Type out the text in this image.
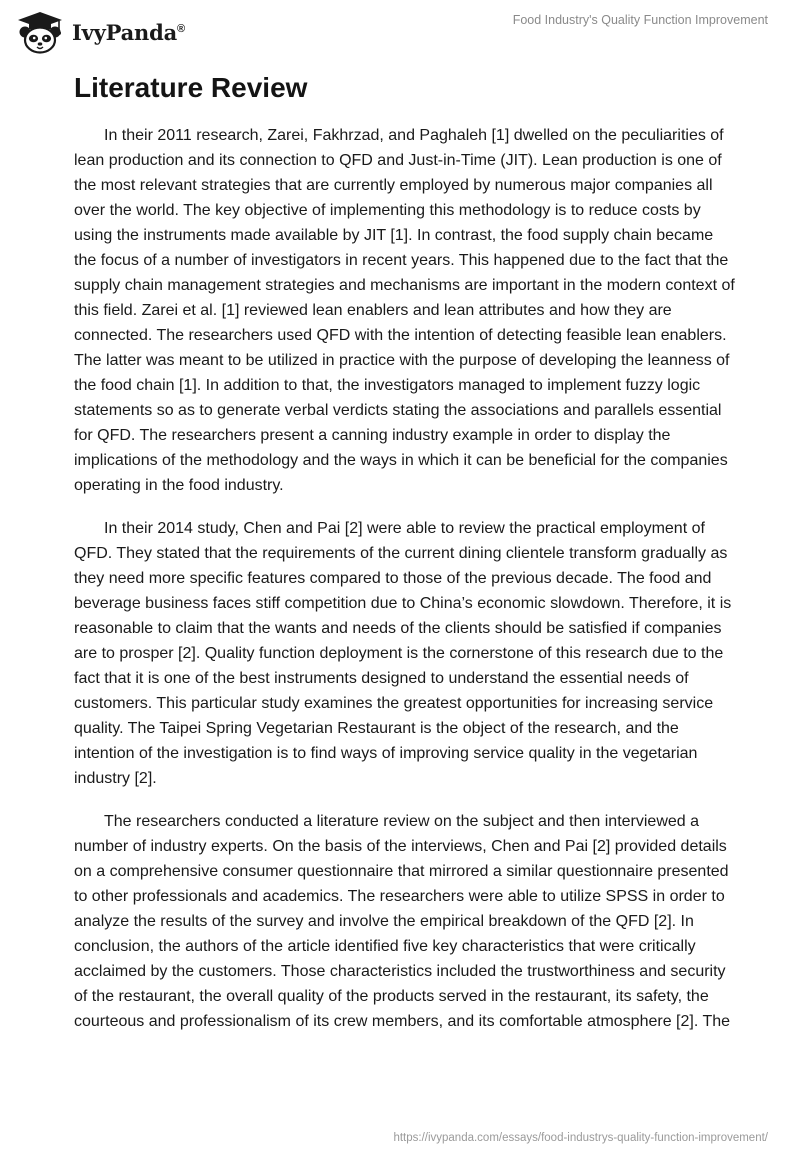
IvyPanda®
Food Industry's Quality Function Improvement
Literature Review

In their 2011 research, Zarei, Fakhrzad, and Paghaleh [1] dwelled on the peculiarities of lean production and its connection to QFD and Just-in-Time (JIT). Lean production is one of the most relevant strategies that are currently employed by numerous major companies all over the world. The key objective of implementing this methodology is to reduce costs by using the instruments made available by JIT [1]. In contrast, the food supply chain became the focus of a number of investigators in recent years. This happened due to the fact that the supply chain management strategies and mechanisms are important in the modern context of this field. Zarei et al. [1] reviewed lean enablers and lean attributes and how they are connected. The researchers used QFD with the intention of detecting feasible lean enablers. The latter was meant to be utilized in practice with the purpose of developing the leanness of the food chain [1]. In addition to that, the investigators managed to implement fuzzy logic statements so as to generate verbal verdicts stating the associations and parallels essential for QFD. The researchers present a canning industry example in order to display the implications of the methodology and the ways in which it can be beneficial for the companies operating in the food industry.

In their 2014 study, Chen and Pai [2] were able to review the practical employment of QFD. They stated that the requirements of the current dining clientele transform gradually as they need more specific features compared to those of the previous decade. The food and beverage business faces stiff competition due to China’s economic slowdown. Therefore, it is reasonable to claim that the wants and needs of the clients should be satisfied if companies are to prosper [2]. Quality function deployment is the cornerstone of this research due to the fact that it is one of the best instruments designed to understand the essential needs of customers. This particular study examines the greatest opportunities for increasing service quality. The Taipei Spring Vegetarian Restaurant is the object of the research, and the intention of the investigation is to find ways of improving service quality in the vegetarian industry [2].

The researchers conducted a literature review on the subject and then interviewed a number of industry experts. On the basis of the interviews, Chen and Pai [2] provided details on a comprehensive consumer questionnaire that mirrored a similar questionnaire presented to other professionals and academics. The researchers were able to utilize SPSS in order to analyze the results of the survey and involve the empirical breakdown of the QFD [2]. In conclusion, the authors of the article identified five key characteristics that were critically acclaimed by the customers. Those characteristics included the trustworthiness and security of the restaurant, the overall quality of the products served in the restaurant, its safety, the courteous and professionalism of its crew members, and its comfortable atmosphere [2]. The

https://ivypanda.com/essays/food-industrys-quality-function-improvement/
